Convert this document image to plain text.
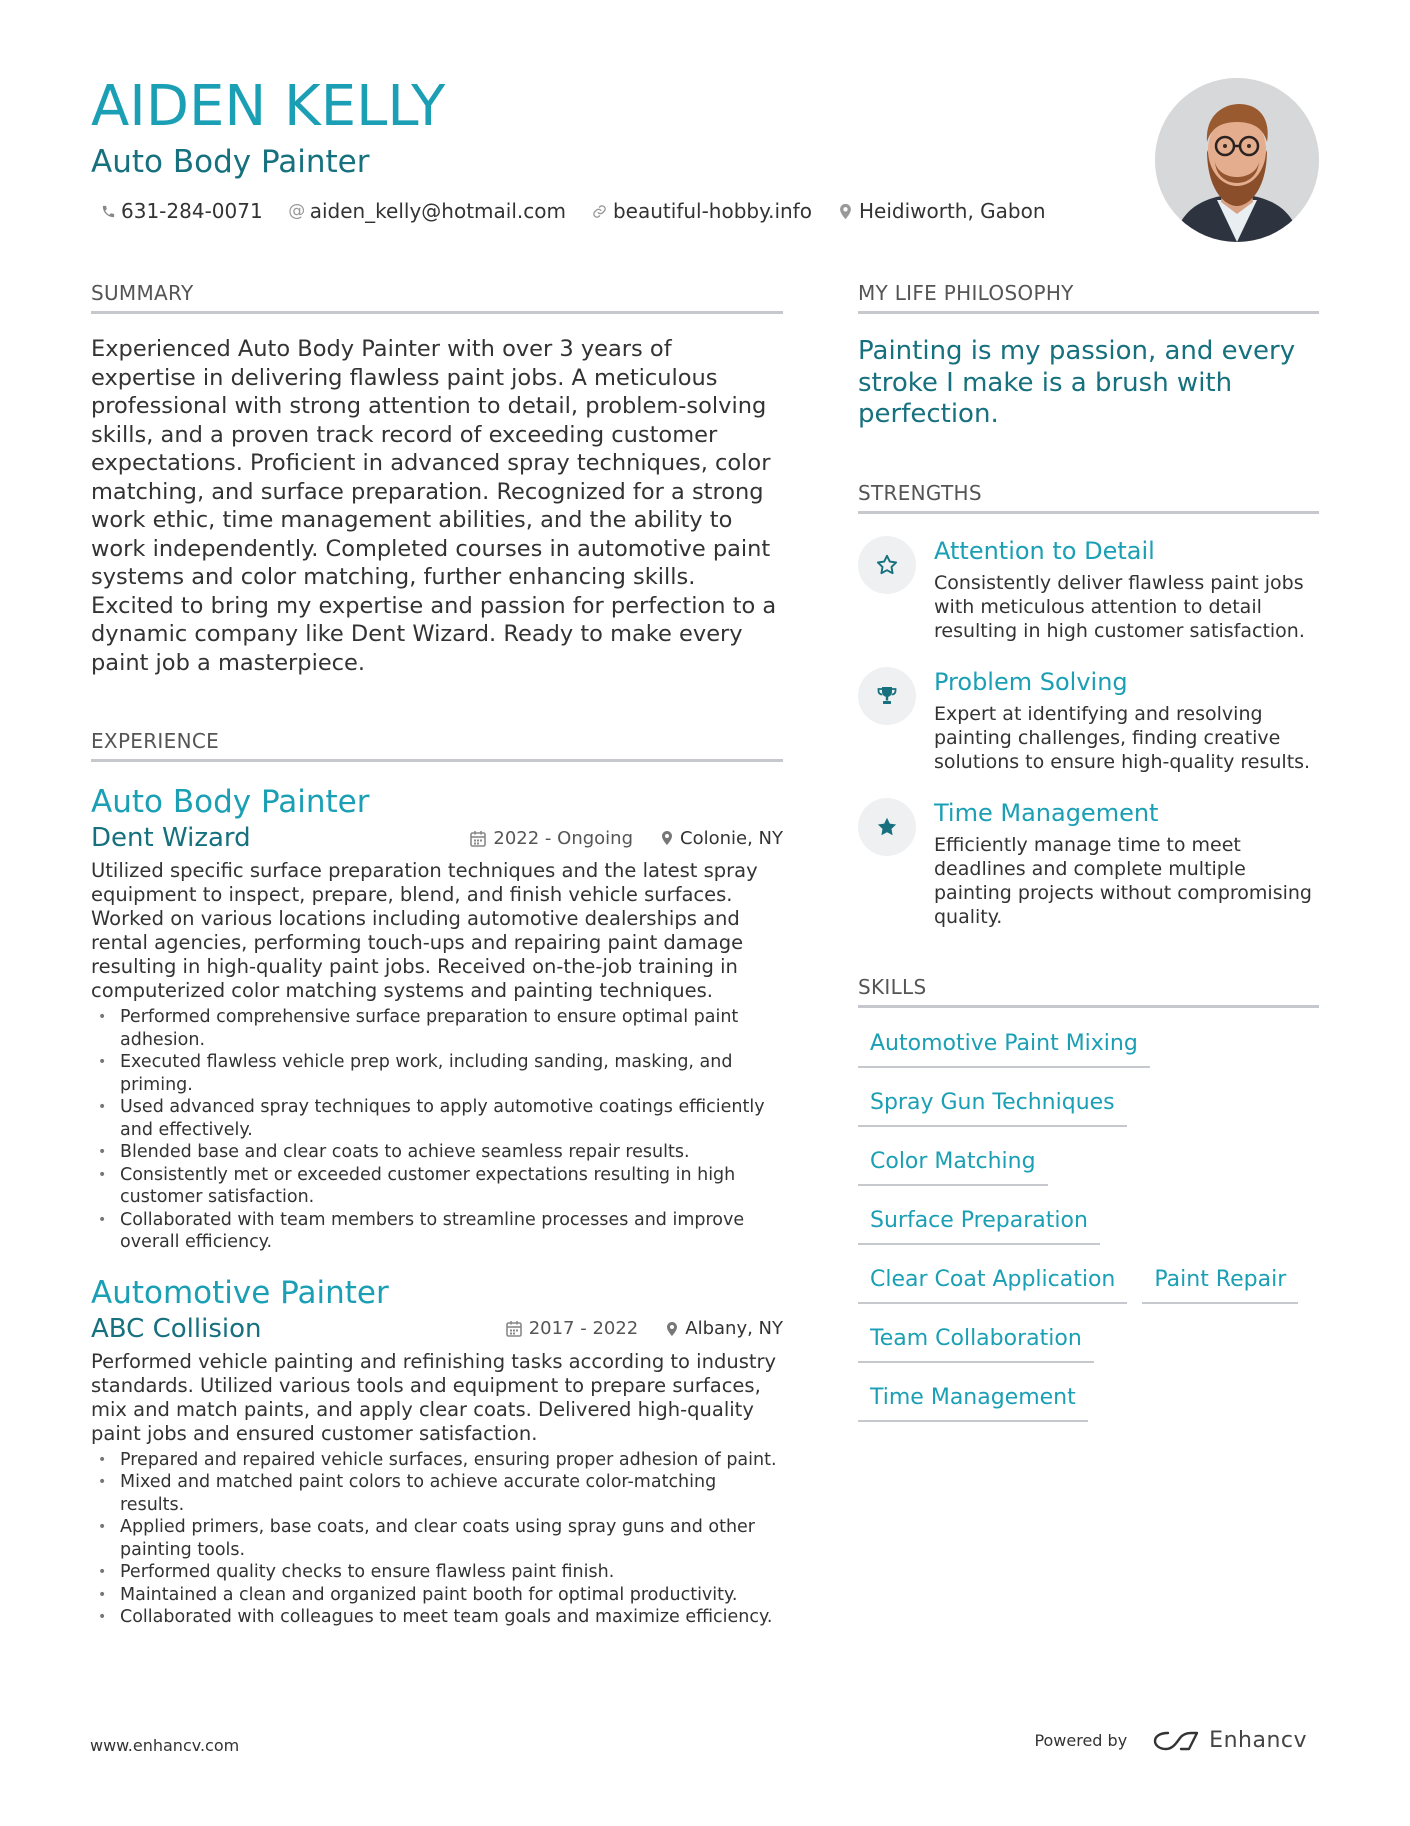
AIDEN KELLY
Auto Body Painter
631-284-0071 @ aiden_kelly@hotmail.com beautiful-hobby.info Heidiworth, Gabon
SUMMARY
Experienced Auto Body Painter with over 3 years of expertise in delivering flawless paint jobs. A meticulous professional with strong attention to detail, problem-solving skills, and a proven track record of exceeding customer expectations. Proficient in advanced spray techniques, color matching, and surface preparation. Recognized for a strong work ethic, time management abilities, and the ability to work independently. Completed courses in automotive paint systems and color matching, further enhancing skills. Excited to bring my expertise and passion for perfection to a dynamic company like Dent Wizard. Ready to make every paint job a masterpiece.
EXPERIENCE
Auto Body Painter
Dent Wizard	2022 - Ongoing	Colonie, NY
Utilized specific surface preparation techniques and the latest spray equipment to inspect, prepare, blend, and finish vehicle surfaces. Worked on various locations including automotive dealerships and rental agencies, performing touch-ups and repairing paint damage resulting in high-quality paint jobs. Received on-the-job training in computerized color matching systems and painting techniques.
• Performed comprehensive surface preparation to ensure optimal paint adhesion.
• Executed flawless vehicle prep work, including sanding, masking, and priming.
• Used advanced spray techniques to apply automotive coatings efficiently and effectively.
• Blended base and clear coats to achieve seamless repair results.
• Consistently met or exceeded customer expectations resulting in high customer satisfaction.
• Collaborated with team members to streamline processes and improve overall efficiency.
Automotive Painter
ABC Collision	2017 - 2022	Albany, NY
Performed vehicle painting and refinishing tasks according to industry standards. Utilized various tools and equipment to prepare surfaces, mix and match paints, and apply clear coats. Delivered high-quality paint jobs and ensured customer satisfaction.
• Prepared and repaired vehicle surfaces, ensuring proper adhesion of paint.
• Mixed and matched paint colors to achieve accurate color-matching results.
• Applied primers, base coats, and clear coats using spray guns and other painting tools.
• Performed quality checks to ensure flawless paint finish.
• Maintained a clean and organized paint booth for optimal productivity.
• Collaborated with colleagues to meet team goals and maximize efficiency.
MY LIFE PHILOSOPHY
Painting is my passion, and every stroke I make is a brush with perfection.
STRENGTHS
Attention to Detail
Consistently deliver flawless paint jobs with meticulous attention to detail resulting in high customer satisfaction.
Problem Solving
Expert at identifying and resolving painting challenges, finding creative solutions to ensure high-quality results.
Time Management
Efficiently manage time to meet deadlines and complete multiple painting projects without compromising quality.
SKILLS
Automotive Paint Mixing
Spray Gun Techniques
Color Matching
Surface Preparation
Clear Coat Application	Paint Repair
Team Collaboration
Time Management
www.enhancv.com	Powered by	Enhancv
